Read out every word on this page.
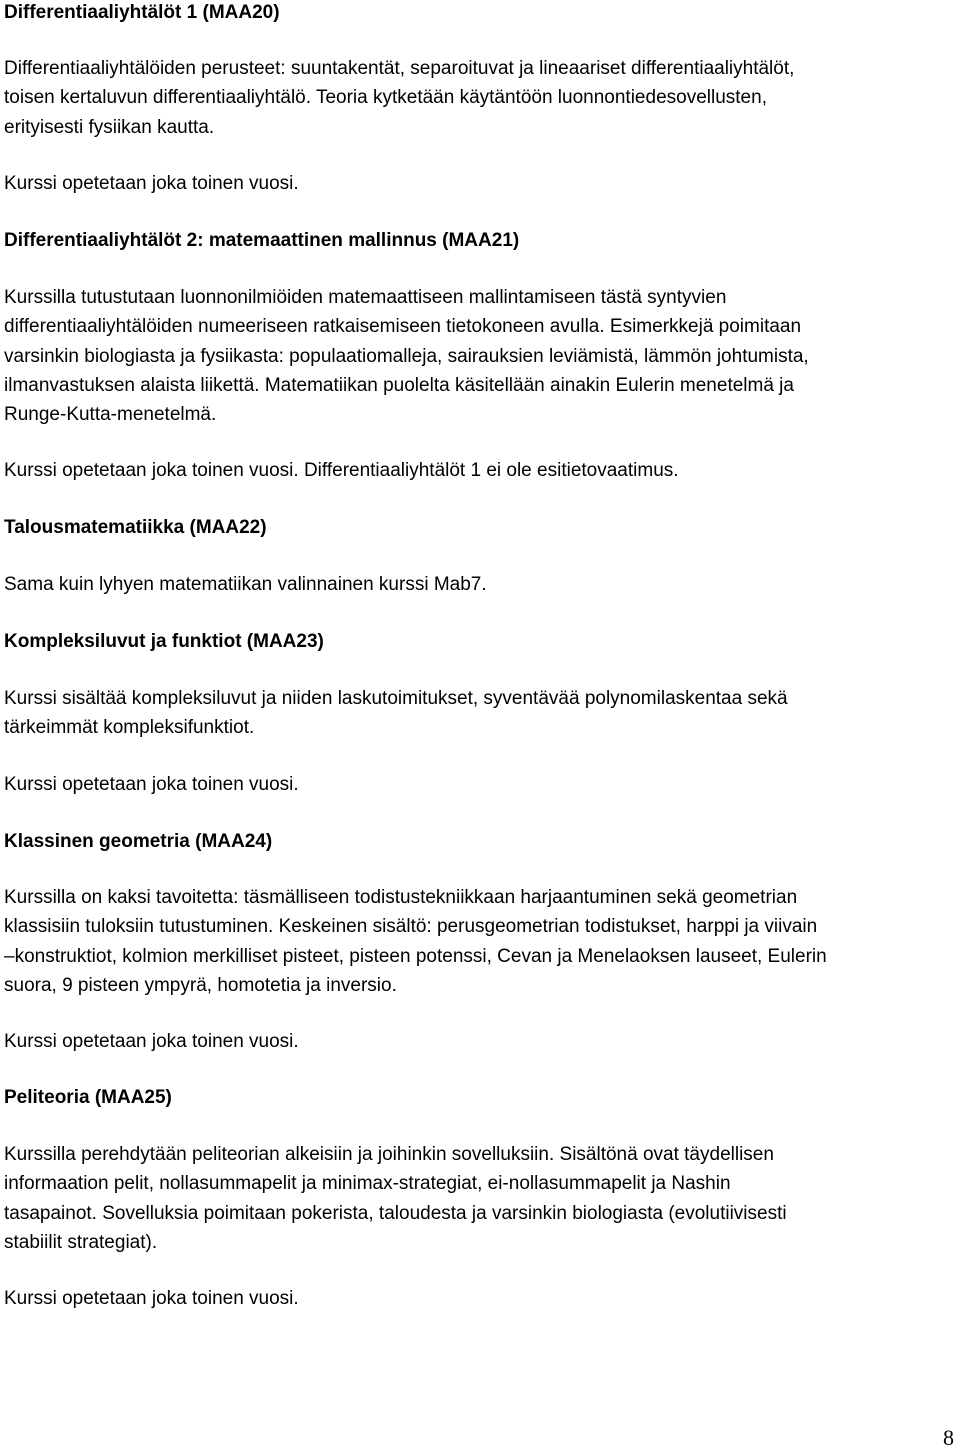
Differentiaaliyhtälöt 1 (MAA20)
Differentiaaliyhtälöiden perusteet: suuntakentät, separoituvat ja lineaariset differentiaaliyhtälöt,
toisen kertaluvun differentiaaliyhtälö. Teoria kytketään käytäntöön luonnontiedesovellusten,
erityisesti fysiikan kautta.
Kurssi opetetaan joka toinen vuosi.
Differentiaaliyhtälöt 2: matemaattinen mallinnus (MAA21)
Kurssilla tutustutaan luonnonilmiöiden matemaattiseen mallintamiseen tästä syntyvien
differentiaaliyhtälöiden numeeriseen ratkaisemiseen tietokoneen avulla. Esimerkkejä poimitaan
varsinkin biologiasta ja fysiikasta: populaatiomalleja, sairauksien leviämistä, lämmön johtumista,
ilmanvastuksen alaista liikettä. Matematiikan puolelta käsitellään ainakin Eulerin menetelmä ja
Runge-Kutta-menetelmä.
Kurssi opetetaan joka toinen vuosi. Differentiaaliyhtälöt 1 ei ole esitietovaatimus.
Talousmatematiikka (MAA22)
Sama kuin lyhyen matematiikan valinnainen kurssi Mab7.
Kompleksiluvut ja funktiot (MAA23)
Kurssi sisältää kompleksiluvut ja niiden laskutoimitukset, syventävää polynomilaskentaa sekä
tärkeimmät kompleksifunktiot.
Kurssi opetetaan joka toinen vuosi.
Klassinen geometria (MAA24)
Kurssilla on kaksi tavoitetta: täsmälliseen todistustekniikkaan harjaantuminen sekä geometrian
klassisiin tuloksiin tutustuminen. Keskeinen sisältö: perusgeometrian todistukset, harppi ja viivain
–konstruktiot, kolmion merkilliset pisteet, pisteen potenssi, Cevan ja Menelaoksen lauseet, Eulerin
suora, 9 pisteen ympyrä, homotetia ja inversio.
Kurssi opetetaan joka toinen vuosi.
Peliteoria (MAA25)
Kurssilla perehdytään peliteorian alkeisiin ja joihinkin sovelluksiin. Sisältönä ovat täydellisen
informaation pelit, nollasummapelit ja minimax-strategiat, ei-nollasummapelit ja Nashin
tasapainot. Sovelluksia poimitaan pokerista, taloudesta ja varsinkin biologiasta (evolutiivisesti
stabiilit strategiat).
Kurssi opetetaan joka toinen vuosi.
8
